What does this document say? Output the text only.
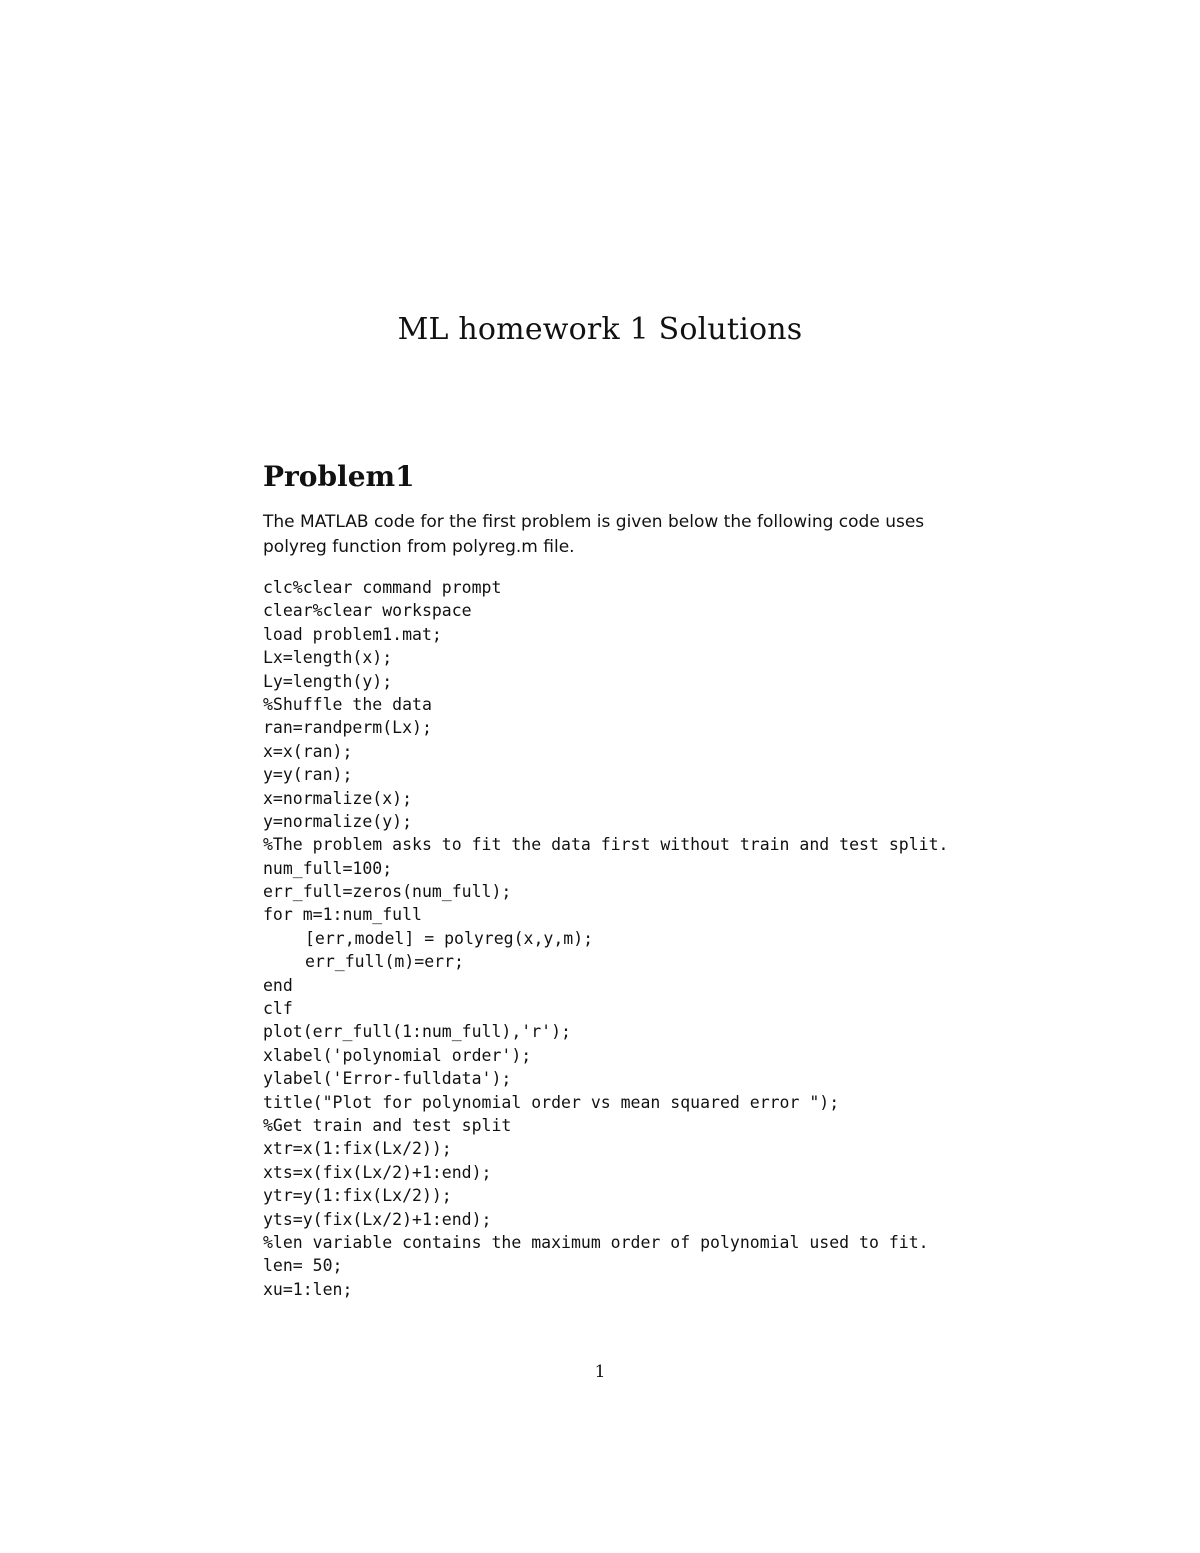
ML homework 1 Solutions
Problem1

The MATLAB code for the first problem is given below the following code uses
polyreg function from polyreg.m file.

clc%clear command prompt
clear%clear workspace
load problem1.mat;
Lx=length(x);
Ly=length(y);
%Shuffle the data
ran=randperm(Lx);
x=x(ran);
y=y(ran);
x=normalize(x);
y=normalize(y);
%The problem asks to fit the data first without train and test split.
num_full=100;
err_full=zeros(num_full);
for m=1:num_full
[err,model] = polyreg(x,y,m);
err_full(m)=err;
end
clf
plot(err_full(1:num_full),'r');
xlabel('polynomial order');
ylabel('Error-fulldata');
title("Plot for polynomial order vs mean squared error ");
%Get train and test split
xtr=x(1:fix(Lx/2));
xts=x(fix(Lx/2)+1:end);
ytr=y(1:fix(Lx/2));
yts=y(fix(Lx/2)+1:end);
%len variable contains the maximum order of polynomial used to fit.
len= 50;
xu=1:len;
1
